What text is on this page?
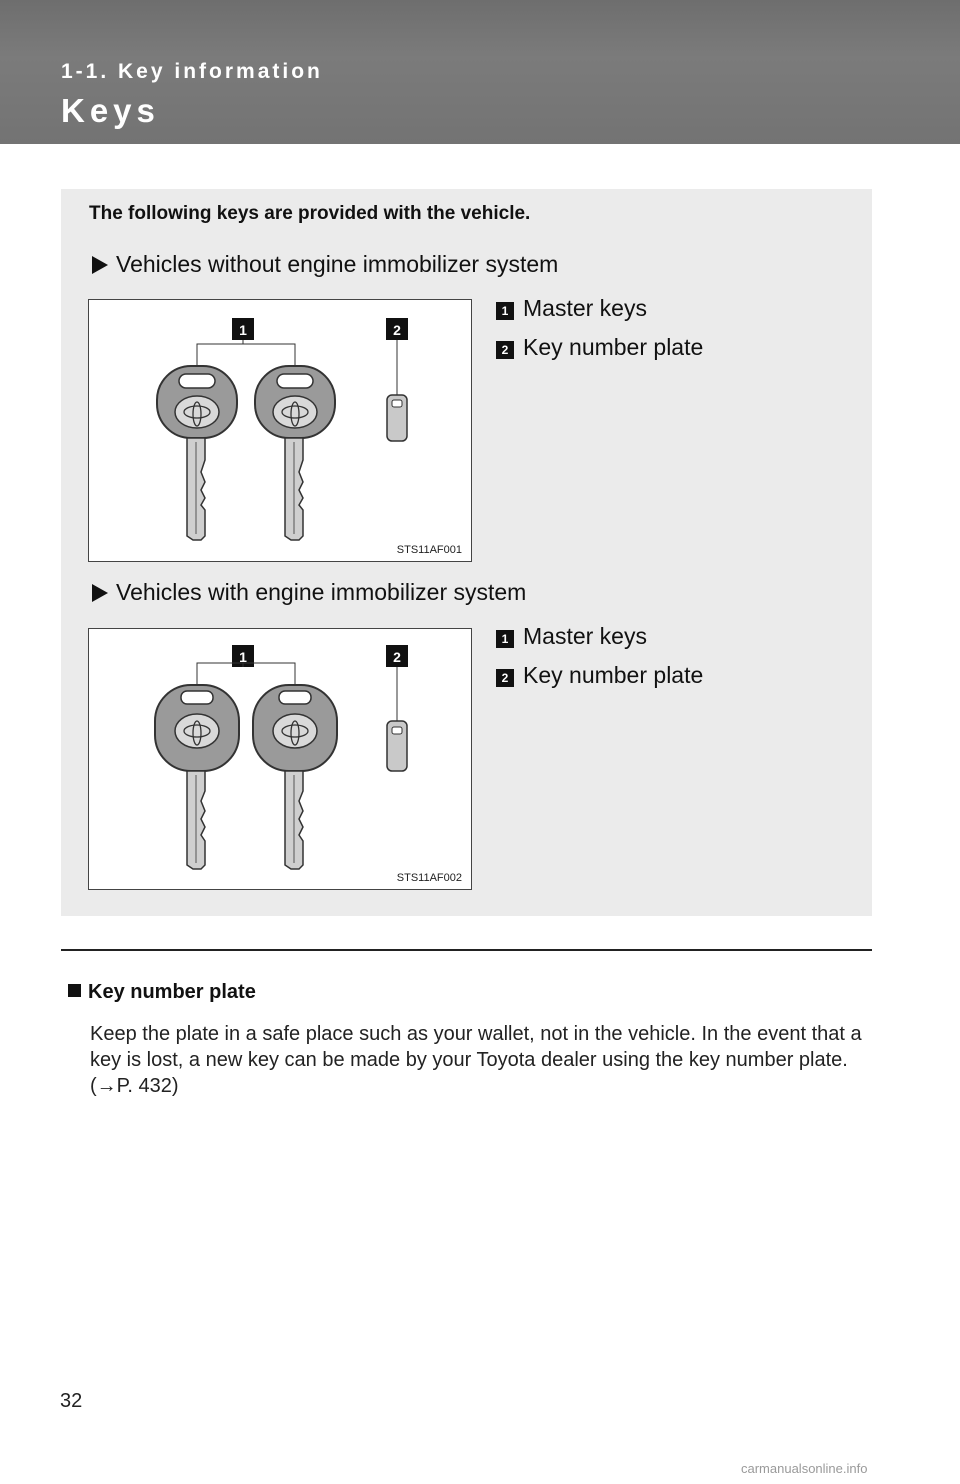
1-1. Key information
Keys
The following keys are provided with the vehicle.
Vehicles without engine immobilizer system
1	2
STS11AF001
1 Master keys
2 Key number plate
Vehicles with engine immobilizer system
1	2
STS11AF002
1 Master keys
2 Key number plate
Key number plate
Keep the plate in a safe place such as your wallet, not in the vehicle. In the event that a key is lost, a new key can be made by your Toyota dealer using the key number plate. (→P. 432)
32
carmanualsonline.info
